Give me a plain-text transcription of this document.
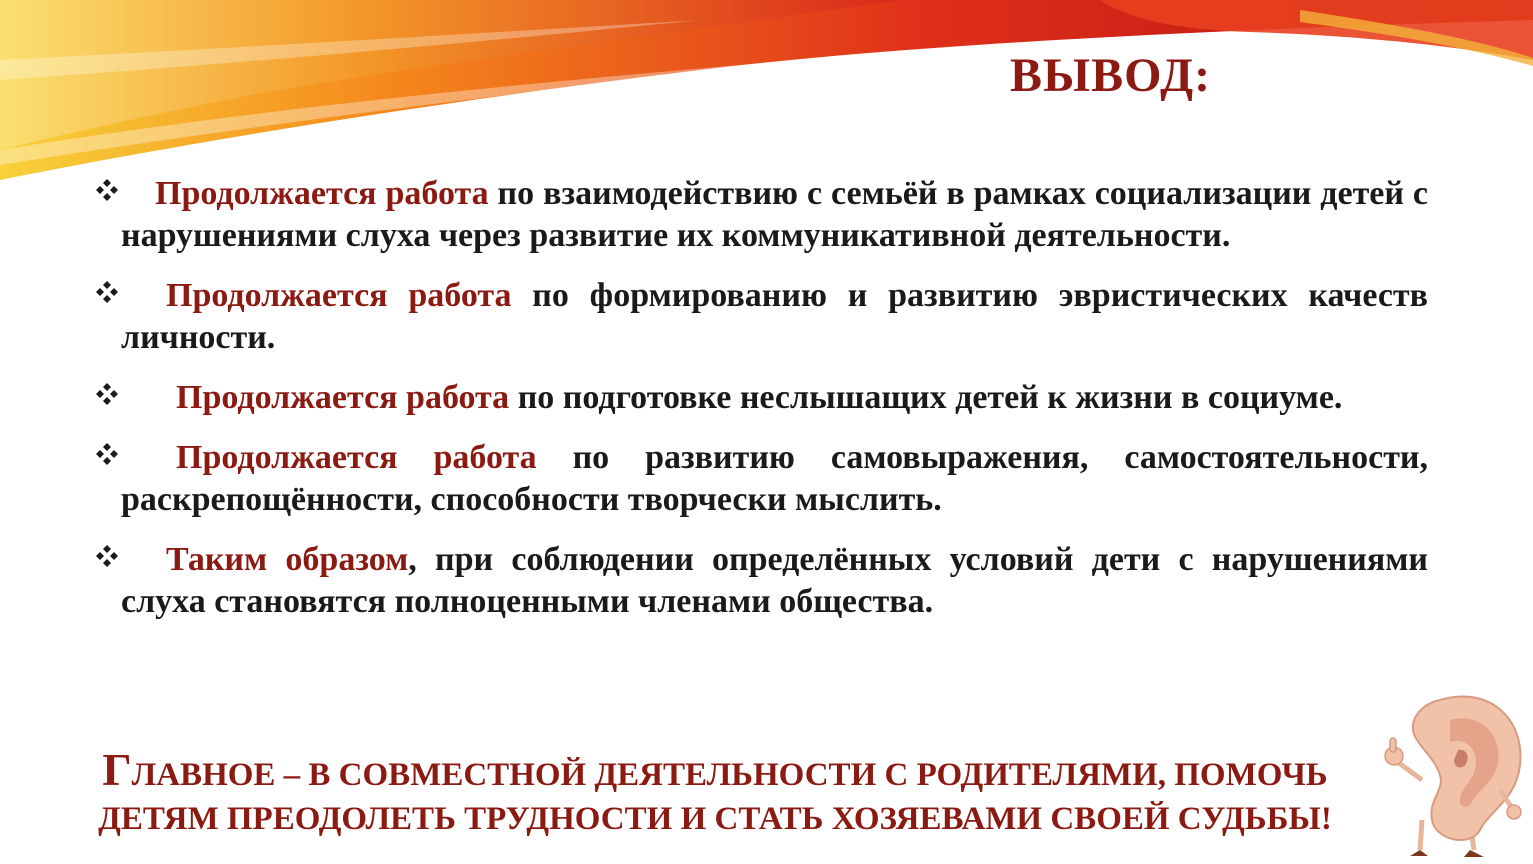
ВЫВОД:

Продолжается работа по взаимодействию с семьёй в рамках социализации детей с нарушениями слуха через развитие их коммуникативной деятельности.

Продолжается работа по формированию и развитию эвристических качеств личности.

Продолжается работа по подготовке неслышащих детей к жизни в социуме.

Продолжается работа по развитию самовыражения, самостоятельности, раскрепощённости, способности творчески мыслить.

Таким образом, при соблюдении определённых условий дети с нарушениями слуха становятся полноценными членами общества.

ГЛАВНОЕ – В СОВМЕСТНОЙ ДЕЯТЕЛЬНОСТИ С РОДИТЕЛЯМИ, ПОМОЧЬ
ДЕТЯМ ПРЕОДОЛЕТЬ ТРУДНОСТИ И СТАТЬ ХОЗЯЕВАМИ СВОЕЙ СУДЬБЫ!
